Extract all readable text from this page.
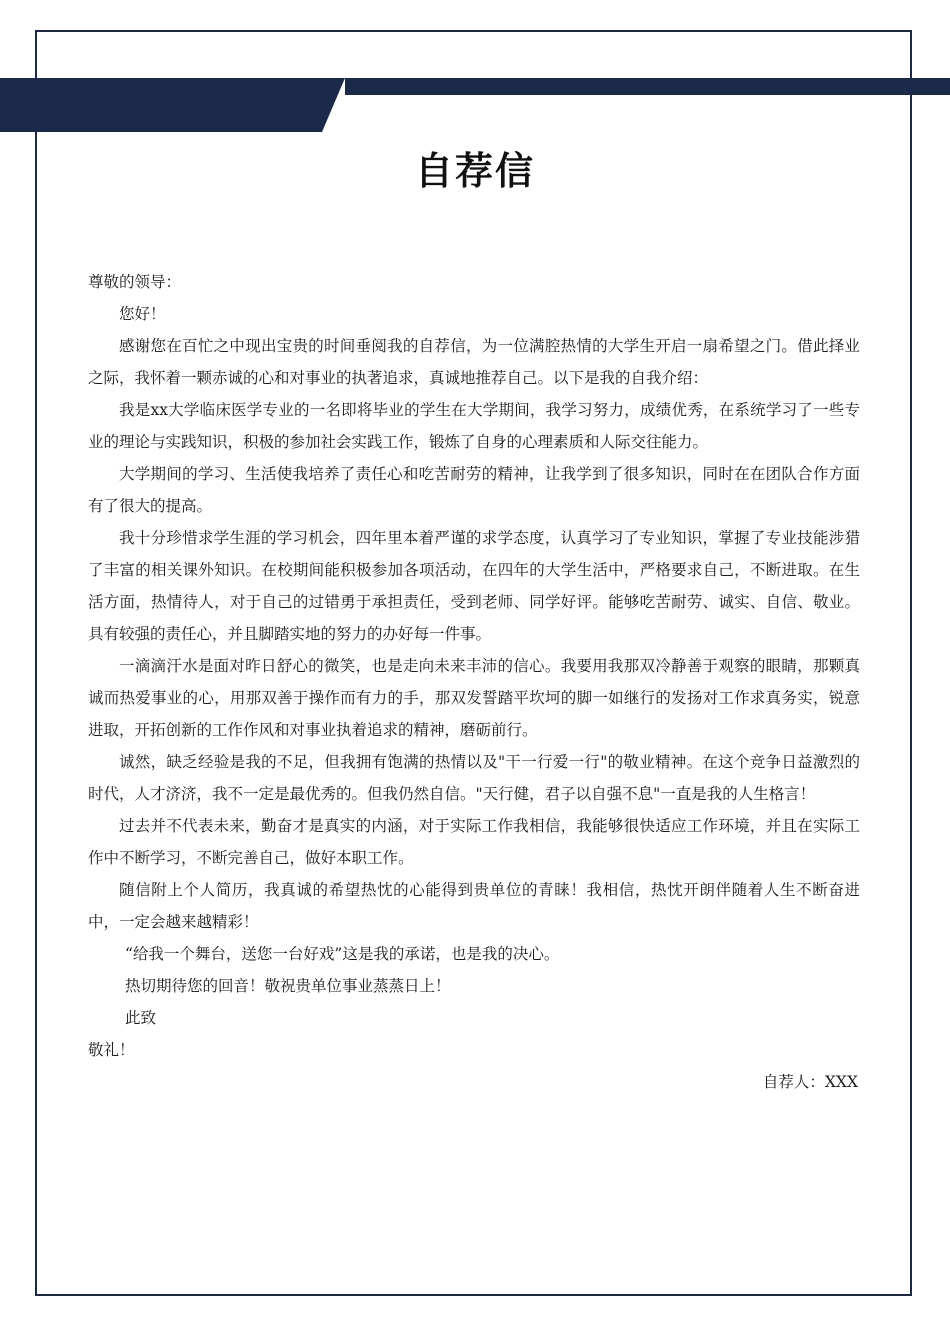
自荐信

尊敬的领导：

您好！

感谢您在百忙之中现出宝贵的时间垂阅我的自荐信，为一位满腔热情的大学生开启一扇希望之门。借此择业之际，我怀着一颗赤诚的心和对事业的执著追求，真诚地推荐自己。以下是我的自我介绍：

我是xx大学临床医学专业的一名即将毕业的学生在大学期间，我学习努力，成绩优秀，在系统学习了一些专业的理论与实践知识，积极的参加社会实践工作，锻炼了自身的心理素质和人际交往能力。

大学期间的学习、生活使我培养了责任心和吃苦耐劳的精神，让我学到了很多知识，同时在在团队合作方面有了很大的提高。

我十分珍惜求学生涯的学习机会，四年里本着严谨的求学态度，认真学习了专业知识，掌握了专业技能涉猎了丰富的相关课外知识。在校期间能积极参加各项活动，在四年的大学生活中，严格要求自己，不断进取。在生活方面，热情待人，对于自己的过错勇于承担责任，受到老师、同学好评。能够吃苦耐劳、诚实、自信、敬业。具有较强的责任心，并且脚踏实地的努力的办好每一件事。

一滴滴汗水是面对昨日舒心的微笑，也是走向未来丰沛的信心。我要用我那双冷静善于观察的眼睛，那颗真诚而热爱事业的心，用那双善于操作而有力的手，那双发誓踏平坎坷的脚一如继行的发扬对工作求真务实，锐意进取，开拓创新的工作作风和对事业执着追求的精神，磨砺前行。

诚然，缺乏经验是我的不足，但我拥有饱满的热情以及"干一行爱一行"的敬业精神。在这个竞争日益激烈的时代，人才济济，我不一定是最优秀的。但我仍然自信。"天行健，君子以自强不息"一直是我的人生格言！

过去并不代表未来，勤奋才是真实的内涵，对于实际工作我相信，我能够很快适应工作环境，并且在实际工作中不断学习，不断完善自己，做好本职工作。

随信附上个人简历，我真诚的希望热忱的心能得到贵单位的青睐！我相信，热忱开朗伴随着人生不断奋进中，一定会越来越精彩！

“给我一个舞台，送您一台好戏”这是我的承诺，也是我的决心。

热切期待您的回音！敬祝贵单位事业蒸蒸日上！

此致

敬礼！

自荐人：XXX
